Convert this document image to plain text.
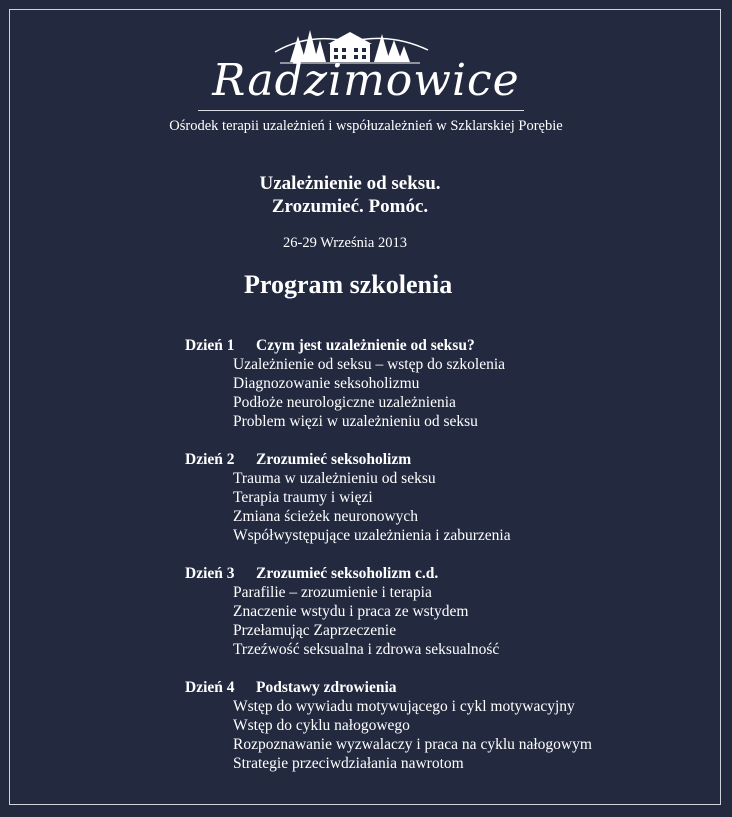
Radzimowice
Ośrodek terapii uzależnień i współuzależnień w Szklarskiej Porębie
Uzależnienie od seksu.
Zrozumieć. Pomóc.
26-29 Września 2013
Program szkolenia
Dzień 1 Czym jest uzależnienie od seksu?
Uzależnienie od seksu – wstęp do szkolenia
Diagnozowanie seksoholizmu
Podłoże neurologiczne uzależnienia
Problem więzi w uzależnieniu od seksu
Dzień 2 Zrozumieć seksoholizm
Trauma w uzależnieniu od seksu
Terapia traumy i więzi
Zmiana ścieżek neuronowych
Współwystępujące uzależnienia i zaburzenia
Dzień 3 Zrozumieć seksoholizm c.d.
Parafilie – zrozumienie i terapia
Znaczenie wstydu i praca ze wstydem
Przełamując Zaprzeczenie
Trzeźwość seksualna i zdrowa seksualność
Dzień 4 Podstawy zdrowienia
Wstęp do wywiadu motywującego i cykl motywacyjny
Wstęp do cyklu nałogowego
Rozpoznawanie wyzwalaczy i praca na cyklu nałogowym
Strategie przeciwdziałania nawrotom
